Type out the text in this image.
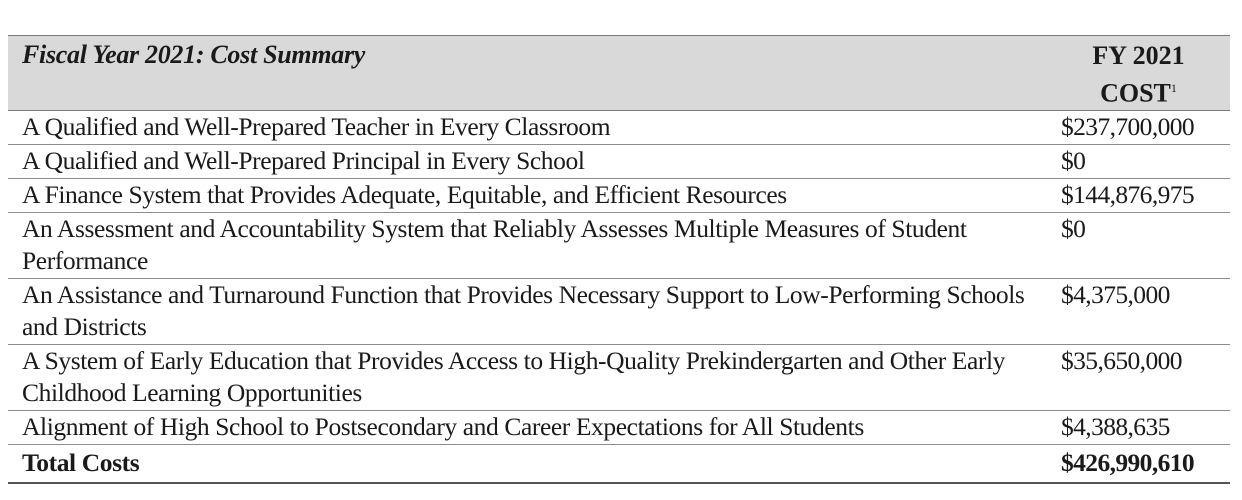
Fiscal Year 2021: Cost Summary	FY 2021
COST$^1$
A Qualified and Well-Prepared Teacher in Every Classroom	$237,700,000
A Qualified and Well-Prepared Principal in Every School	$0
A Finance System that Provides Adequate, Equitable, and Efficient Resources	$144,876,975
An Assessment and Accountability System that Reliably Assesses Multiple Measures of Student Performance	$0
An Assistance and Turnaround Function that Provides Necessary Support to Low-Performing Schools and Districts	$4,375,000
A System of Early Education that Provides Access to High-Quality Prekindergarten and Other Early Childhood Learning Opportunities	$35,650,000
Alignment of High School to Postsecondary and Career Expectations for All Students	$4,388,635
Total Costs	$426,990,610
